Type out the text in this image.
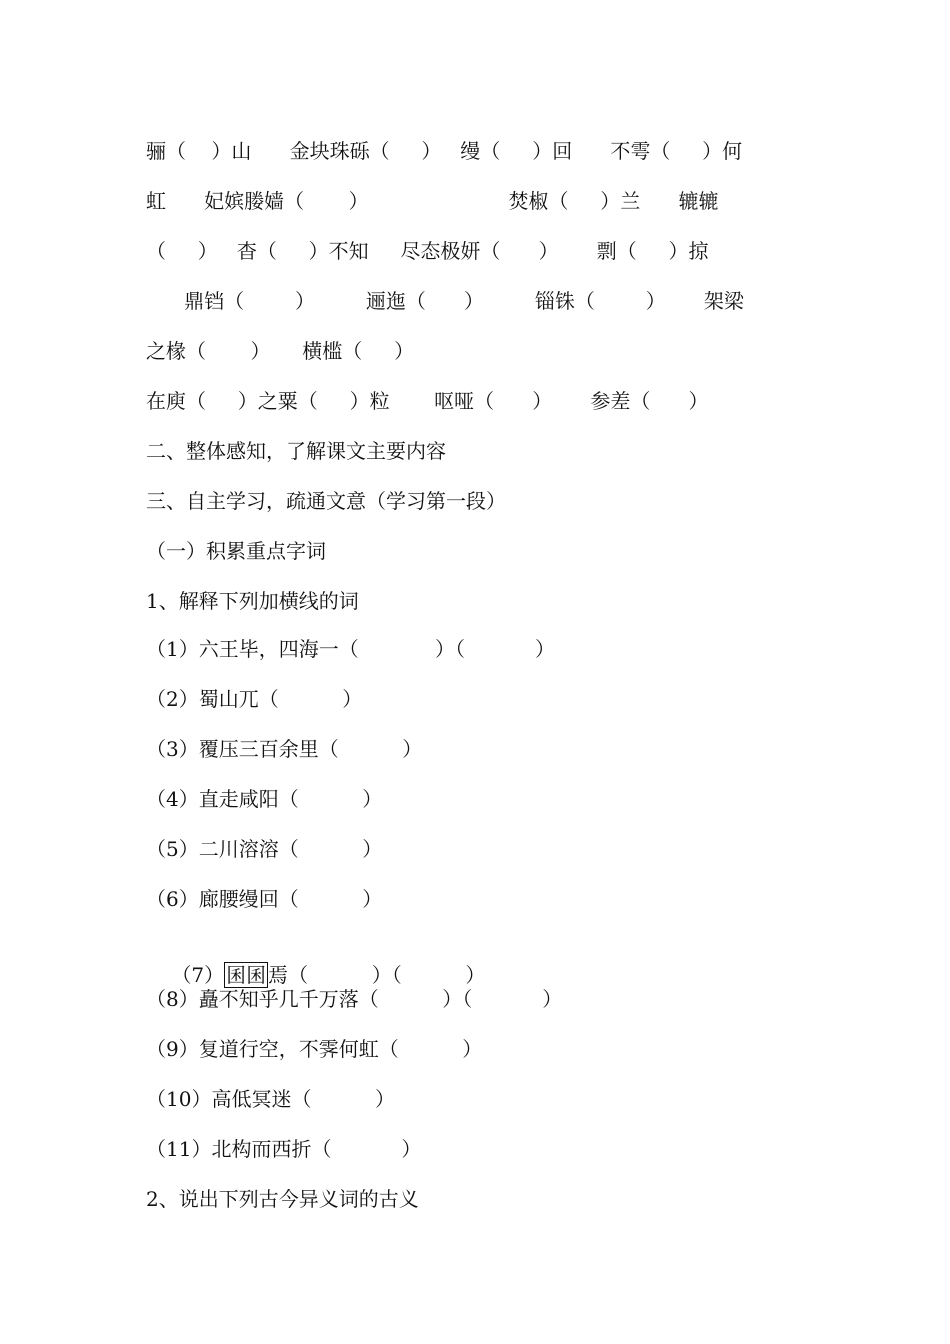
骊（    ）山      金块珠砾（     ）   缦（     ）回      不雩（     ）何
虹      妃嫔媵嫱（       ）                      焚椒（     ）兰      辘辘
（     ）   杳（     ）不知     尽态极妍（      ）      剽（     ）掠
鼎铛（        ）        逦迤（      ）        锱铢（        ）      架梁
之椽（       ）     横槛（     ）
在庾（     ）之粟（     ）粒       呕哑（      ）      参差（      ）
二、整体感知，了解课文主要内容
三、自主学习，疏通文意（学习第一段）
（一）积累重点字词
1、解释下列加横线的词
（1）六王毕，四海一（            ）（           ）
（2）蜀山兀（          ）
（3）覆压三百余里（          ）
（4）直走咸阳（          ）
（5）二川溶溶（          ）
（6）廊腰缦回（          ）

（7） 囷囷 焉（          ）（          ）

（8）矗不知乎几千万落（          ）（           ）
（9）复道行空，不霁何虹（          ）
（10）高低冥迷（          ）
（11）北构而西折（           ）
2、说出下列古今异义词的古义
